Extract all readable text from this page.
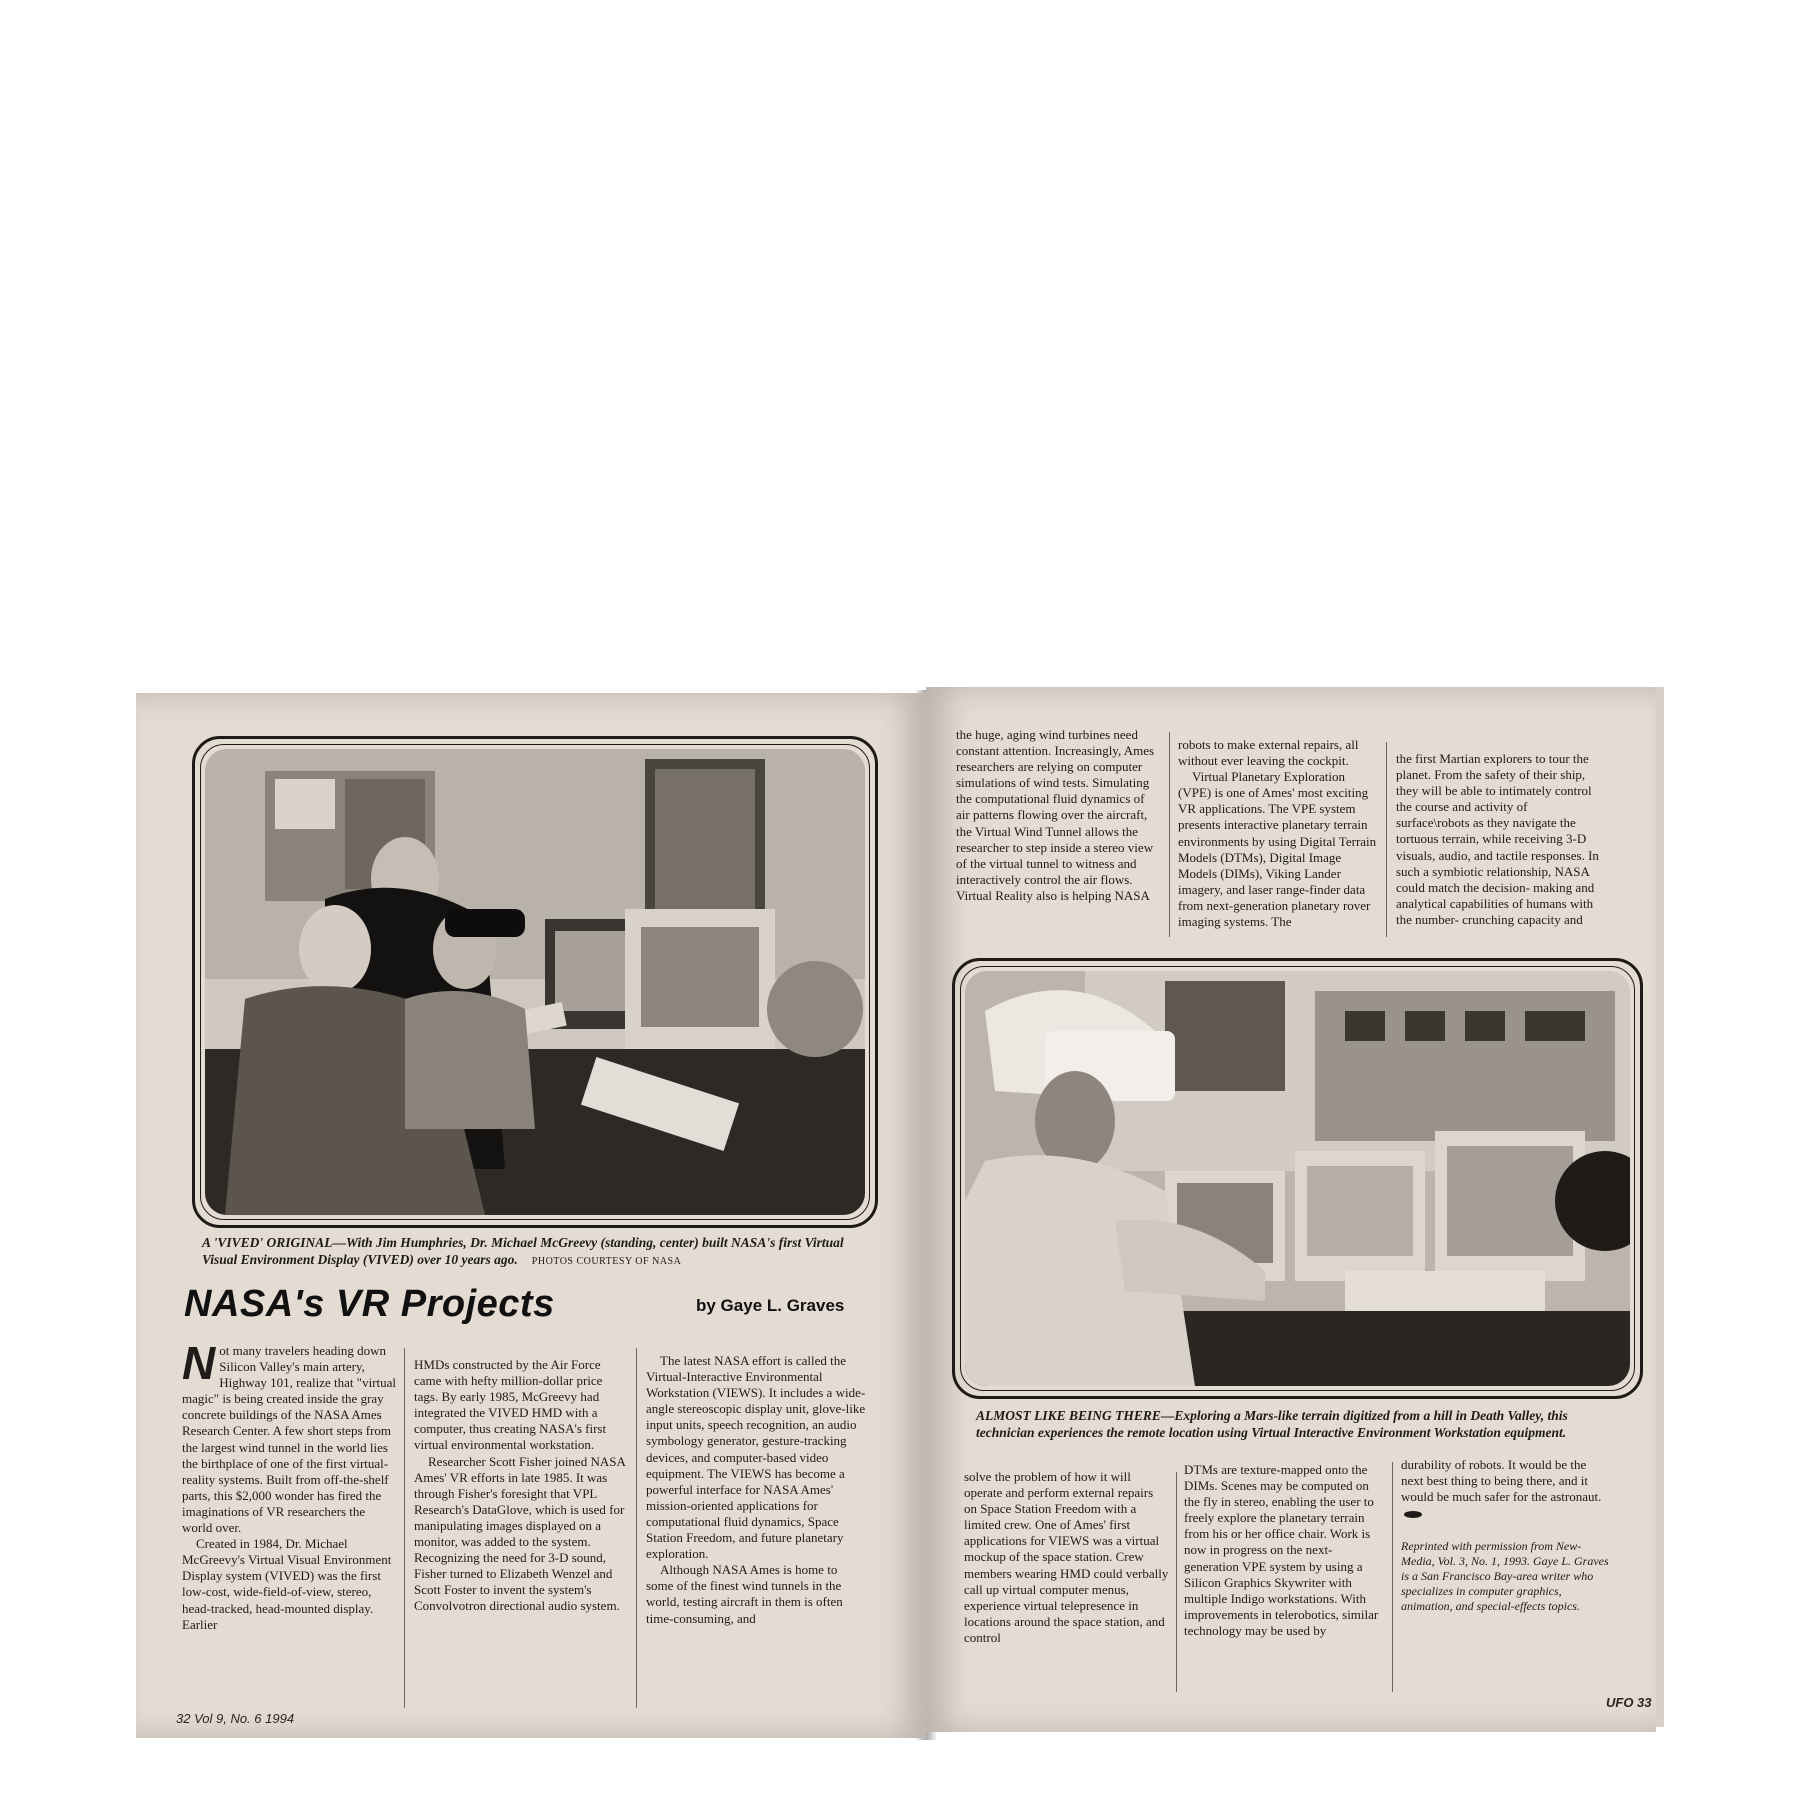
A 'VIVED' ORIGINAL—With Jim Humphries, Dr. Michael McGreevy (standing, center) built NASA's first Virtual Visual Environment Display (VIVED) over 10 years ago. PHOTOS COURTESY OF NASA
NASA's VR Projects	by Gaye L. Graves

Not many travelers heading down Silicon Valley's main artery, Highway 101, realize that "virtual magic" is being created inside the gray concrete buildings of the NASA Ames Research Center. A few short steps from the largest wind tunnel in the world lies the birthplace of one of the first virtual-reality systems. Built from off-the-shelf parts, this $2,000 wonder has fired the imaginations of VR researchers the world over.

Created in 1984, Dr. Michael McGreevy's Virtual Visual Environment Display system (VIVED) was the first low-cost, wide-field-of-view, stereo, head-tracked, head-mounted display. Earlier

HMDs constructed by the Air Force came with hefty million-dollar price tags. By early 1985, McGreevy had integrated the VIVED HMD with a computer, thus creating NASA's first virtual environmental workstation.

Researcher Scott Fisher joined NASA Ames' VR efforts in late 1985. It was through Fisher's foresight that VPL Research's DataGlove, which is used for manipulating images displayed on a monitor, was added to the system. Recognizing the need for 3-D sound, Fisher turned to Elizabeth Wenzel and Scott Foster to invent the system's Convolvotron directional audio system.

The latest NASA effort is called the Virtual-Interactive Environmental Workstation (VIEWS). It includes a wide-angle stereoscopic display unit, glove-like input units, speech recognition, an audio symbology generator, gesture-tracking devices, and computer-based video equipment. The VIEWS has become a powerful interface for NASA Ames' mission-oriented applications for computational fluid dynamics, Space Station Freedom, and future planetary exploration.

Although NASA Ames is home to some of the finest wind tunnels in the world, testing aircraft in them is often time-consuming, and

32 Vol 9, No. 6 1994

the huge, aging wind turbines need constant attention. Increasingly, Ames researchers are relying on computer simulations of wind tests. Simulating the computational fluid dynamics of air patterns flowing over the aircraft, the Virtual Wind Tunnel allows the researcher to step inside a stereo view of the virtual tunnel to witness and interactively control the air flows. Virtual Reality also is helping NASA

robots to make external repairs, all without ever leaving the cockpit.

Virtual Planetary Exploration (VPE) is one of Ames' most exciting VR applications. The VPE system presents interactive planetary terrain environments by using Digital Terrain Models (DTMs), Digital Image Models (DIMs), Viking Lander imagery, and laser range-finder data from next-generation planetary rover imaging systems. The

the first Martian explorers to tour the planet. From the safety of their ship, they will be able to intimately control the course and activity of surface\robots as they navigate the tortuous terrain, while receiving 3-D visuals, audio, and tactile responses. In such a symbiotic relationship, NASA could match the decision- making and analytical capabilities of humans with the number- crunching capacity and

ALMOST LIKE BEING THERE—Exploring a Mars-like terrain digitized from a hill in Death Valley, this technician experiences the remote location using Virtual Interactive Environment Workstation equipment.

solve the problem of how it will operate and perform external repairs on Space Station Freedom with a limited crew. One of Ames' first applications for VIEWS was a virtual mockup of the space station. Crew members wearing HMD could verbally call up virtual computer menus, experience virtual telepresence in locations around the space station, and control

DTMs are texture-mapped onto the DIMs. Scenes may be computed on the fly in stereo, enabling the user to freely explore the planetary terrain from his or her office chair. Work is now in progress on the next-generation VPE system by using a Silicon Graphics Skywriter with multiple Indigo workstations. With improvements in telerobotics, similar technology may be used by

durability of robots. It would be the next best thing to being there, and it would be much safer for the astronaut.

Reprinted with permission from New-Media, Vol. 3, No. 1, 1993. Gaye L. Graves is a San Francisco Bay-area writer who specializes in computer graphics, animation, and special-effects topics.

UFO 33
